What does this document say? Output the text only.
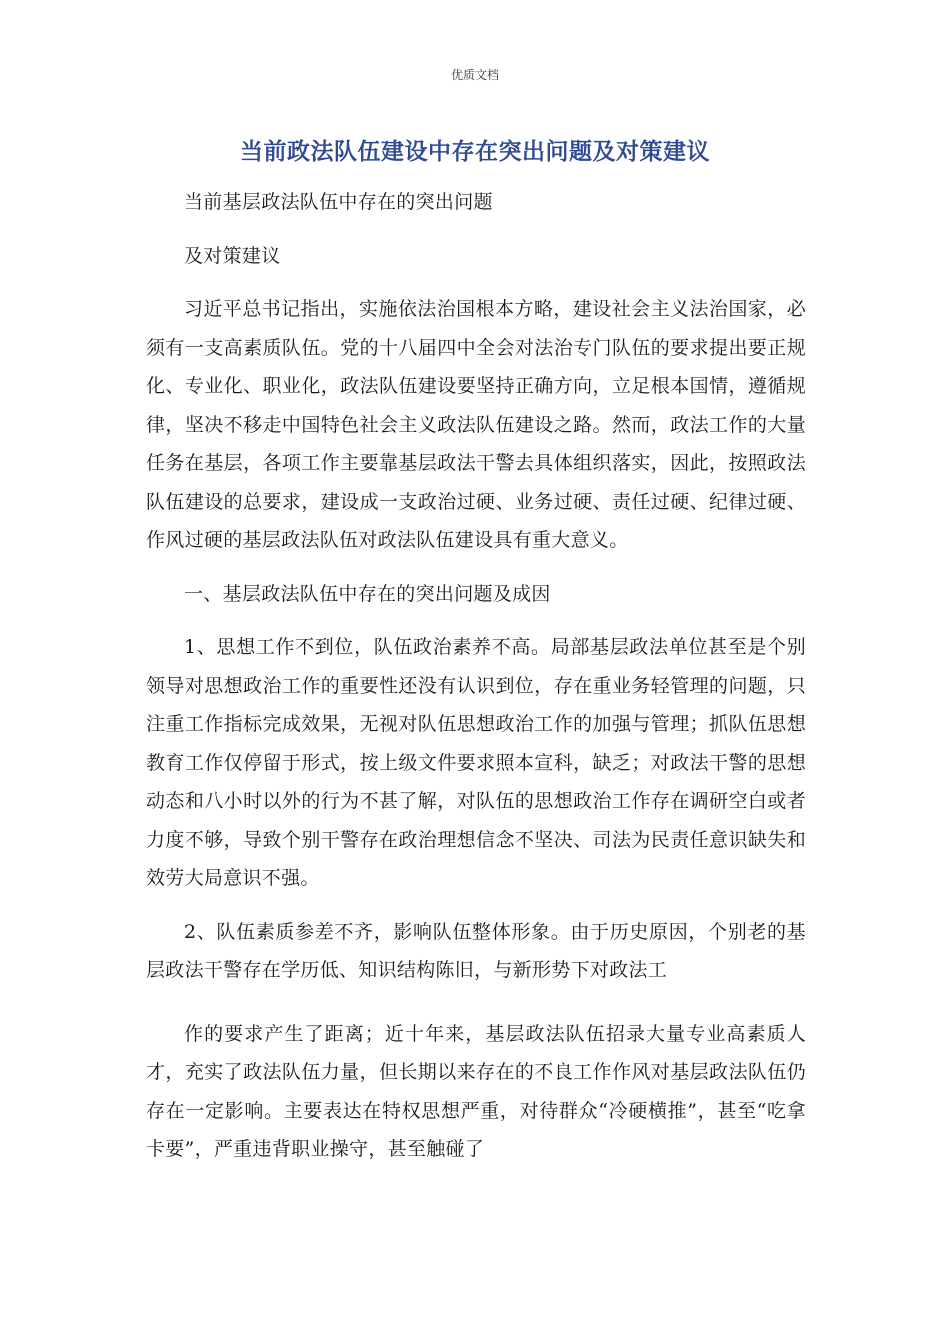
优质文档
当前政法队伍建设中存在突出问题及对策建议

当前基层政法队伍中存在的突出问题

及对策建议

习近平总书记指出，实施依法治国根本方略，建设社会主义法治国家，必须有一支高素质队伍。党的十八届四中全会对法治专门队伍的要求提出要正规化、专业化、职业化，政法队伍建设要坚持正确方向，立足根本国情，遵循规律，坚决不移走中国特色社会主义政法队伍建设之路。然而，政法工作的大量任务在基层，各项工作主要靠基层政法干警去具体组织落实，因此，按照政法队伍建设的总要求，建设成一支政治过硬、业务过硬、责任过硬、纪律过硬、作风过硬的基层政法队伍对政法队伍建设具有重大意义。

一、基层政法队伍中存在的突出问题及成因

1、思想工作不到位，队伍政治素养不高。局部基层政法单位甚至是个别领导对思想政治工作的重要性还没有认识到位，存在重业务轻管理的问题，只注重工作指标完成效果，无视对队伍思想政治工作的加强与管理；抓队伍思想教育工作仅停留于形式，按上级文件要求照本宣科，缺乏；对政法干警的思想动态和八小时以外的行为不甚了解，对队伍的思想政治工作存在调研空白或者力度不够，导致个别干警存在政治理想信念不坚决、司法为民责任意识缺失和效劳大局意识不强。

2、队伍素质参差不齐，影响队伍整体形象。由于历史原因，个别老的基层政法干警存在学历低、知识结构陈旧，与新形势下对政法工

作的要求产生了距离；近十年来，基层政法队伍招录大量专业高素质人才，充实了政法队伍力量，但长期以来存在的不良工作作风对基层政法队伍仍存在一定影响。主要表达在特权思想严重，对待群众“冷硬横推”，甚至“吃拿卡要”，严重违背职业操守，甚至触碰了
